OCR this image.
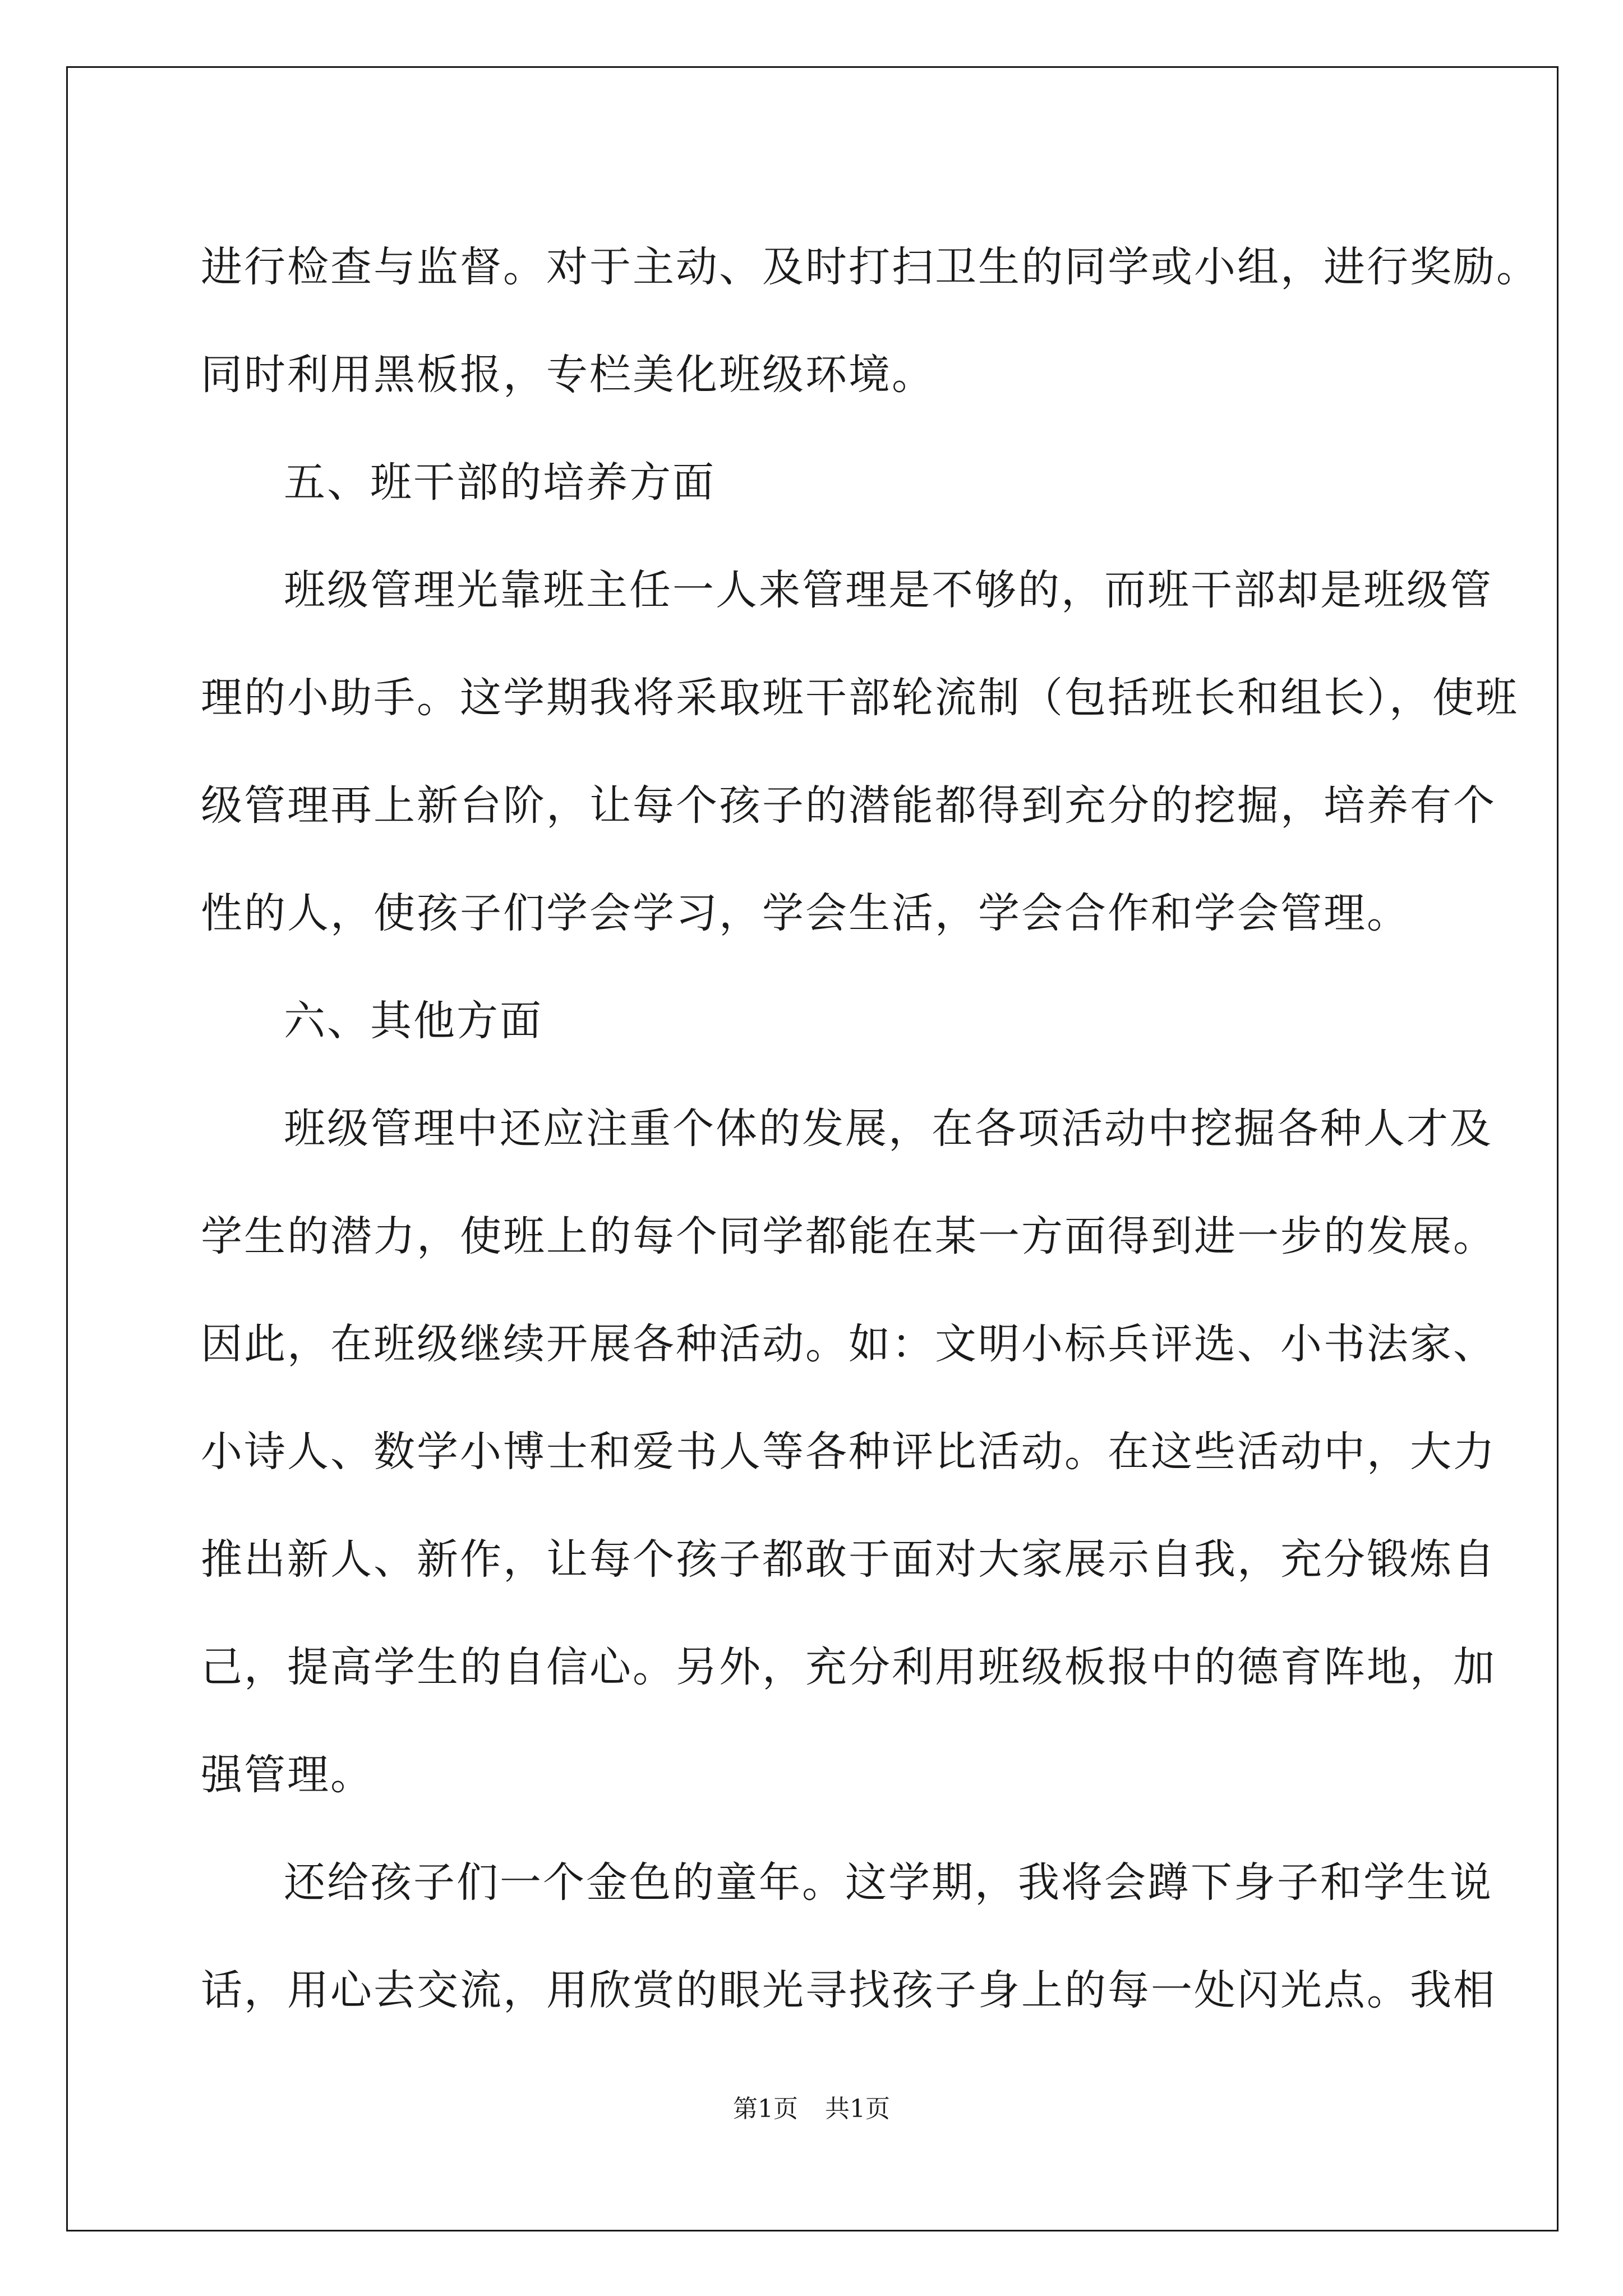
进行检查与监督。对于主动、及时打扫卫生的同学或小组，进行奖励。
同时利用黑板报，专栏美化班级环境。
五、班干部的培养方面
班级管理光靠班主任一人来管理是不够的，而班干部却是班级管
理的小助手。这学期我将采取班干部轮流制（包括班长和组长），使班
级管理再上新台阶，让每个孩子的潜能都得到充分的挖掘，培养有个
性的人，使孩子们学会学习，学会生活，学会合作和学会管理。
六、其他方面
班级管理中还应注重个体的发展，在各项活动中挖掘各种人才及
学生的潜力，使班上的每个同学都能在某一方面得到进一步的发展。
因此，在班级继续开展各种活动。如：文明小标兵评选、小书法家、
小诗人、数学小博士和爱书人等各种评比活动。在这些活动中，大力
推出新人、新作，让每个孩子都敢于面对大家展示自我，充分锻炼自
己，提高学生的自信心。另外，充分利用班级板报中的德育阵地，加
强管理。
还给孩子们一个金色的童年。这学期，我将会蹲下身子和学生说
话，用心去交流，用欣赏的眼光寻找孩子身上的每一处闪光点。我相
第1页 共1页
